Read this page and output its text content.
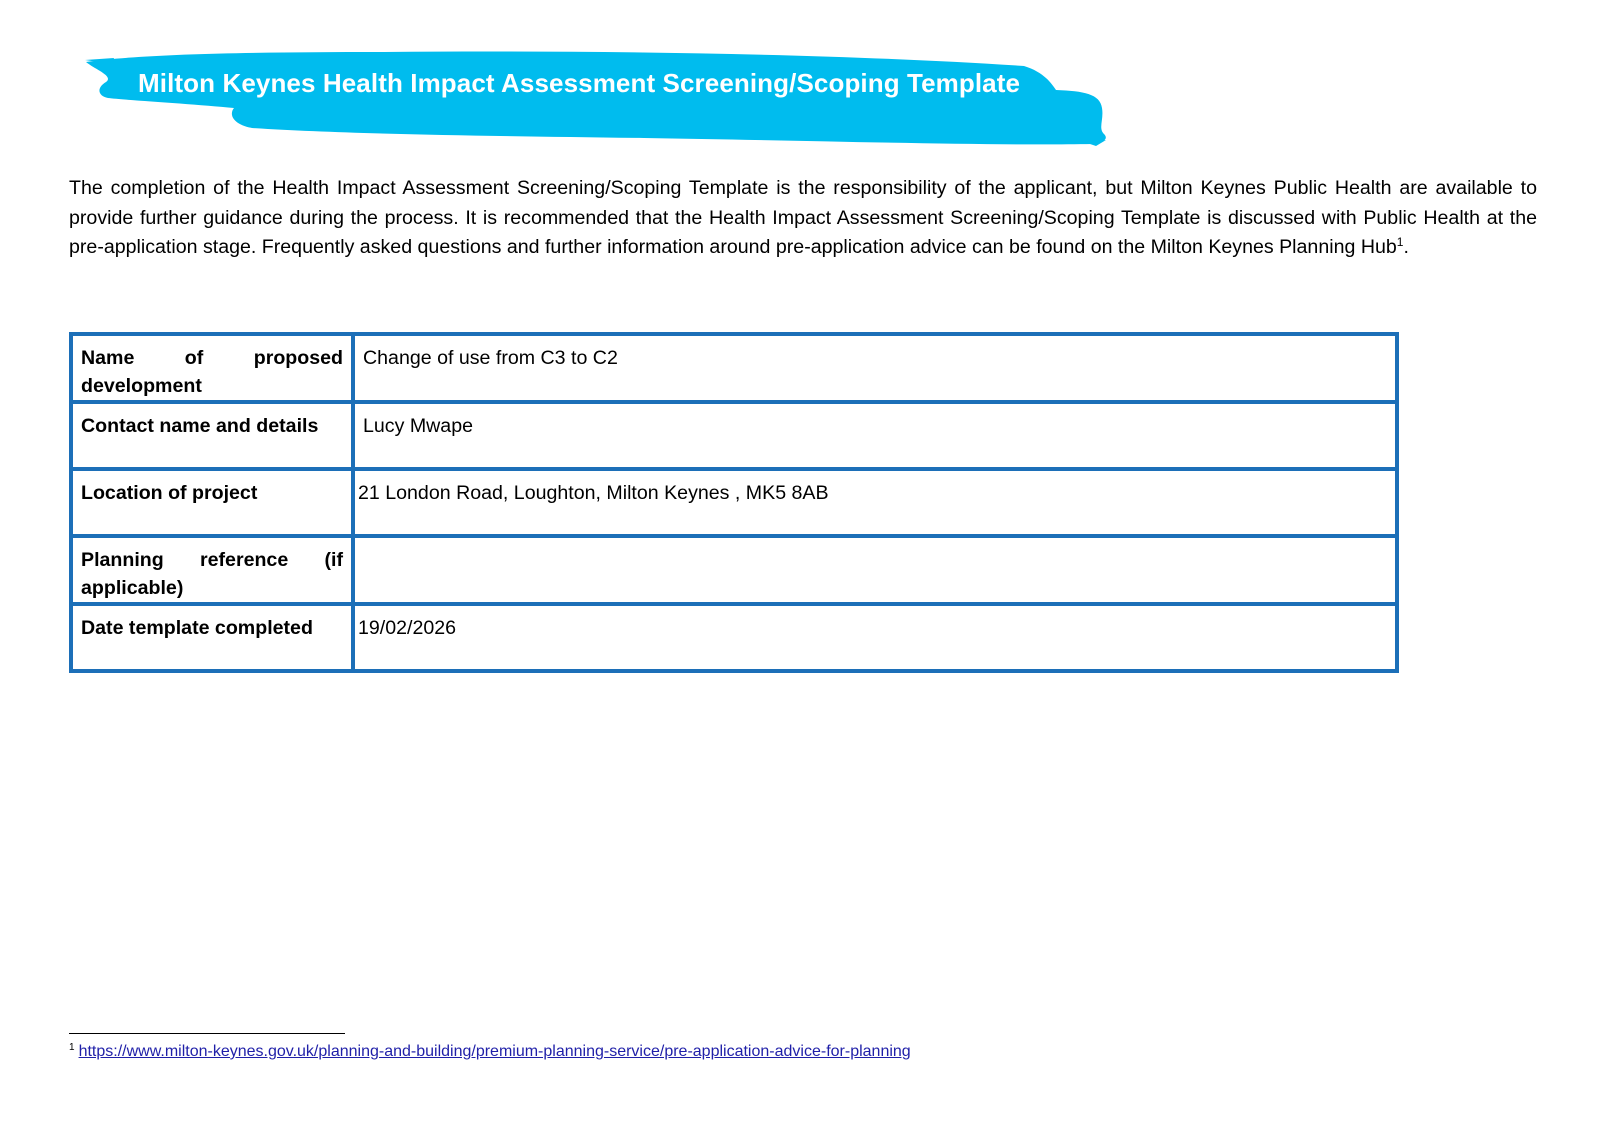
Milton Keynes Health Impact Assessment Screening/Scoping Template

The completion of the Health Impact Assessment Screening/Scoping Template is the responsibility of the applicant, but Milton Keynes Public Health are available to provide further guidance during the process. It is recommended that the Health Impact Assessment Screening/Scoping Template is discussed with Public Health at the pre-application stage. Frequently asked questions and further information around pre-application advice can be found on the Milton Keynes Planning Hub$^1$.

Name of proposed development	Change of use from C3 to C2
Contact name and details	Lucy Mwape
Location of project	21 London Road, Loughton, Milton Keynes , MK5 8AB
Planning reference (if applicable)	
Date template completed	19/02/2026
$^1$ https://www.milton-keynes.gov.uk/planning-and-building/premium-planning-service/pre-application-advice-for-planning
